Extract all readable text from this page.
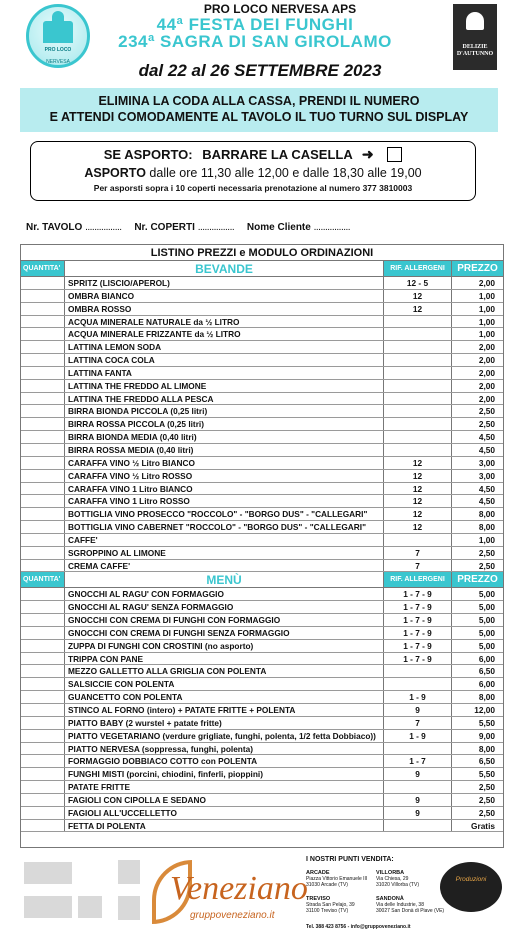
PRO LOCO
NERVESA
PRO LOCO NERVESA APS
44ª FESTA DEI FUNGHI
234ª SAGRA DI SAN GIROLAMO
dal 22 al 26 SETTEMBRE 2023
DELIZIE
D'AUTUNNO
ELIMINA LA CODA ALLA CASSA, PRENDI IL NUMERO
E ATTENDI COMODAMENTE AL TAVOLO IL TUO TURNO SUL DISPLAY
SE ASPORTO: BARRARE LA CASELLA ➜
ASPORTO dalle ore 11,30 alle 12,00 e dalle 18,30 alle 19,00
Per asporsti sopra i 10 coperti necessaria prenotazione al numero 377 3810003
Nr. TAVOLO ................ Nr. COPERTI ................ Nome Cliente ................
LISTINO PREZZI e MODULO ORDINAZIONI
QUANTITA'	BEVANDE	RIF. ALLERGENI	PREZZO
SPRITZ (LISCIO/APEROL)	12 - 5	2,00
OMBRA BIANCO	12	1,00
OMBRA ROSSO	12	1,00
ACQUA MINERALE NATURALE da ½ LITRO	1,00
ACQUA MINERALE FRIZZANTE da ½ LITRO	1,00
LATTINA LEMON SODA	2,00
LATTINA COCA COLA	2,00
LATTINA FANTA	2,00
LATTINA THE FREDDO AL LIMONE	2,00
LATTINA THE FREDDO ALLA PESCA	2,00
BIRRA BIONDA PICCOLA (0,25 litri)	2,50
BIRRA ROSSA PICCOLA (0,25 litri)	2,50
BIRRA BIONDA MEDIA (0,40 litri)	4,50
BIRRA ROSSA MEDIA (0,40 litri)	4,50
CARAFFA VINO ½ Litro BIANCO	12	3,00
CARAFFA VINO ½ Litro ROSSO	12	3,00
CARAFFA VINO 1 Litro BIANCO	12	4,50
CARAFFA VINO 1 Litro ROSSO	12	4,50
BOTTIGLIA VINO PROSECCO "ROCCOLO" - "BORGO DUS" - "CALLEGARI"	12	8,00
BOTTIGLIA VINO CABERNET "ROCCOLO" - "BORGO DUS" - "CALLEGARI"	12	8,00
CAFFE'	1,00
SGROPPINO AL LIMONE	7	2,50
CREMA CAFFE'	7	2,50
QUANTITA'	MENÙ	RIF. ALLERGENI	PREZZO
GNOCCHI AL RAGU' CON FORMAGGIO	1 - 7 - 9	5,00
GNOCCHI AL RAGU' SENZA FORMAGGIO	1 - 7 - 9	5,00
GNOCCHI CON CREMA DI FUNGHI CON FORMAGGIO	1 - 7 - 9	5,00
GNOCCHI CON CREMA DI FUNGHI SENZA FORMAGGIO	1 - 7 - 9	5,00
ZUPPA DI FUNGHI CON CROSTINI (no asporto)	1 - 7 - 9	5,00
TRIPPA CON PANE	1 - 7 - 9	6,00
MEZZO GALLETTO ALLA GRIGLIA CON POLENTA	6,50
SALSICCIE CON POLENTA	6,00
GUANCETTO CON POLENTA	1 - 9	8,00
STINCO AL FORNO (intero) + PATATE FRITTE + POLENTA	9	12,00
PIATTO BABY (2 wurstel + patate fritte)	7	5,50
PIATTO VEGETARIANO (verdure grigliate, funghi, polenta, 1/2 fetta Dobbiaco))	1 - 9	9,00
PIATTO NERVESA (soppressa, funghi, polenta)	8,00
FORMAGGIO DOBBIACO COTTO con POLENTA	1 - 7	6,50
FUNGHI MISTI (porcini, chiodini, finferli, pioppini)	9	5,50
PATATE FRITTE	2,50
FAGIOLI CON CIPOLLA E SEDANO	9	2,50
FAGIOLI ALL'UCCELLETTO	9	2,50
FETTA DI POLENTA	Gratis
Veneziano
gruppoveneziano.it
I NOSTRI PUNTI VENDITA:
ARCADE
Piazza Vittorio Emanuele III
31030 Arcade (TV)
VILLORBA
Via Chiesa, 29
31020 Villorba (TV)
TREVISO
Strada San Pelajo, 39
31100 Treviso (TV)
SANDONÀ
Via delle Industrie, 38
30027 San Donà di Piave (VE)
Tel. 388 423 8756 - info@gruppoveneziano.it
Produzioni
